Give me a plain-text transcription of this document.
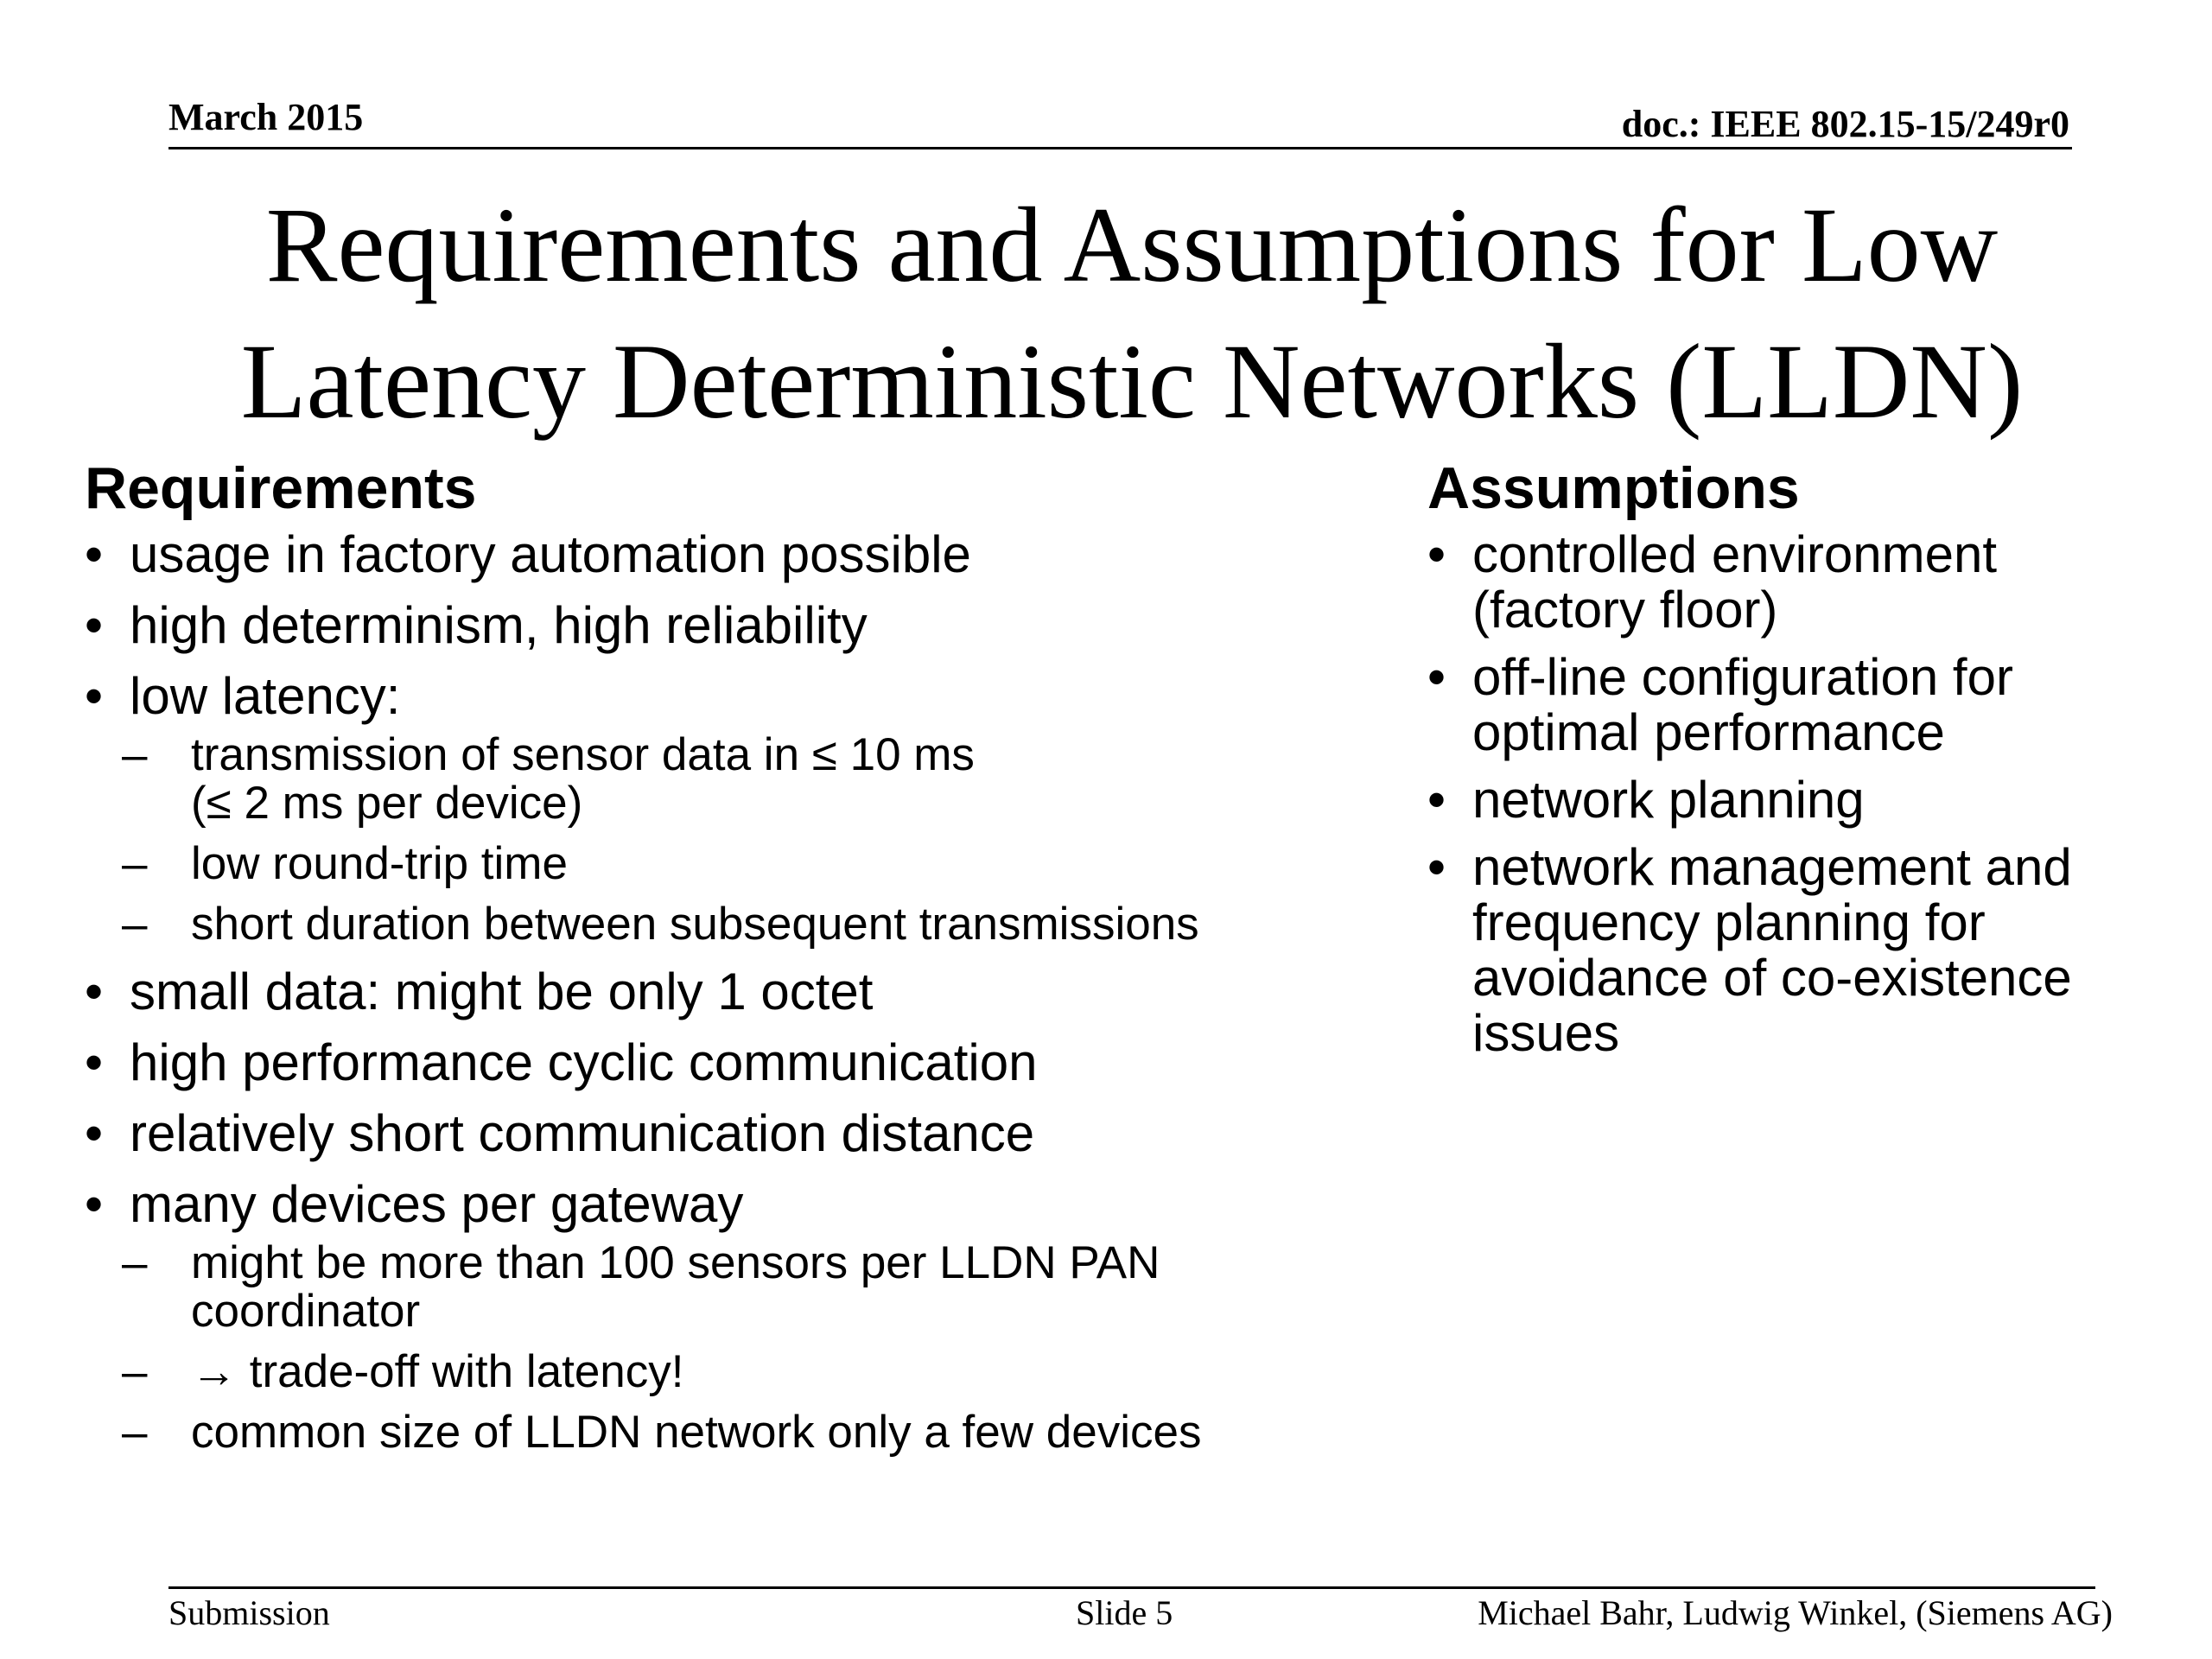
March 2015	doc.: IEEE 802.15-15/249r0
Requirements and Assumptions for Low
Latency Deterministic Networks (LLDN)
Requirements
• usage in factory automation possible
• high determinism, high reliability
• low latency:
– transmission of sensor data in ≤ 10 ms
(≤ 2 ms per device)
– low round-trip time
– short duration between subsequent transmissions
• small data: might be only 1 octet
• high performance cyclic communication
• relatively short communication distance
• many devices per gateway
– might be more than 100 sensors per LLDN PAN
coordinator
– → trade-off with latency!
– common size of LLDN network only a few devices
Assumptions
• controlled environment
(factory floor)
• off-line configuration for
optimal performance
• network planning
• network management and
frequency planning for
avoidance of co-existence
issues
Submission	Slide 5	Michael Bahr, Ludwig Winkel, (Siemens AG)
